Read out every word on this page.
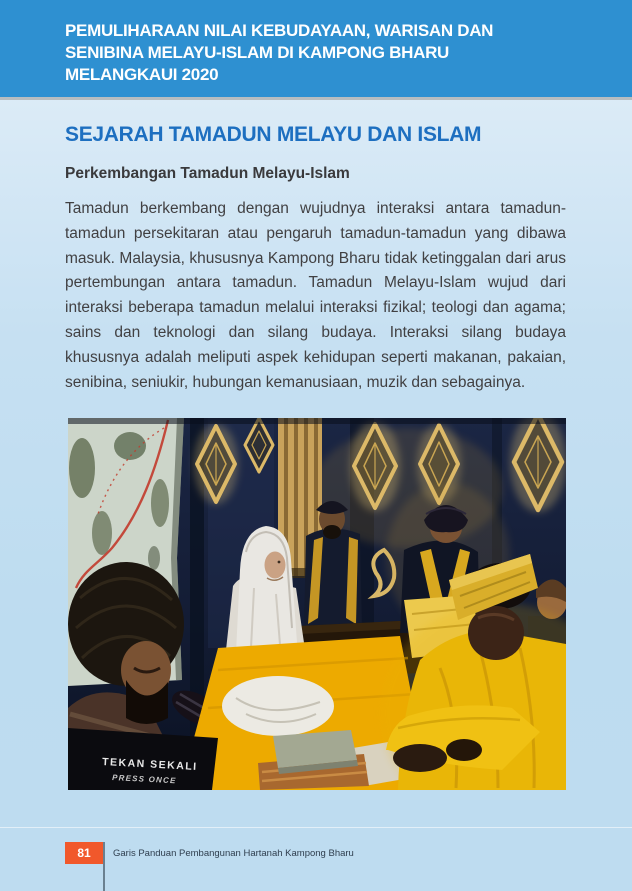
PEMULIHARAAN NILAI KEBUDAYAAN, WARISAN DAN
SENIBINA MELAYU-ISLAM DI KAMPONG BHARU
MELANGKAUI 2020
SEJARAH TAMADUN MELAYU DAN ISLAM
Perkembangan Tamadun Melayu-Islam
Tamadun berkembang dengan wujudnya interaksi antara tamadun-tamadun persekitaran atau pengaruh tamadun-tamadun yang dibawa masuk. Malaysia, khususnya Kampong Bharu tidak ketinggalan dari arus pertembungan antara tamadun. Tamadun Melayu-Islam wujud dari interaksi beberapa tamadun melalui interaksi fizikal; teologi dan agama; sains dan teknologi dan silang budaya. Interaksi silang budaya khususnya adalah meliputi aspek kehidupan seperti makanan, pakaian, senibina, seniukir, hubungan kemanusiaan, muzik dan sebagainya.
TEKAN SEKALI
PRESS ONCE
81	Garis Panduan Pembangunan Hartanah Kampong Bharu
